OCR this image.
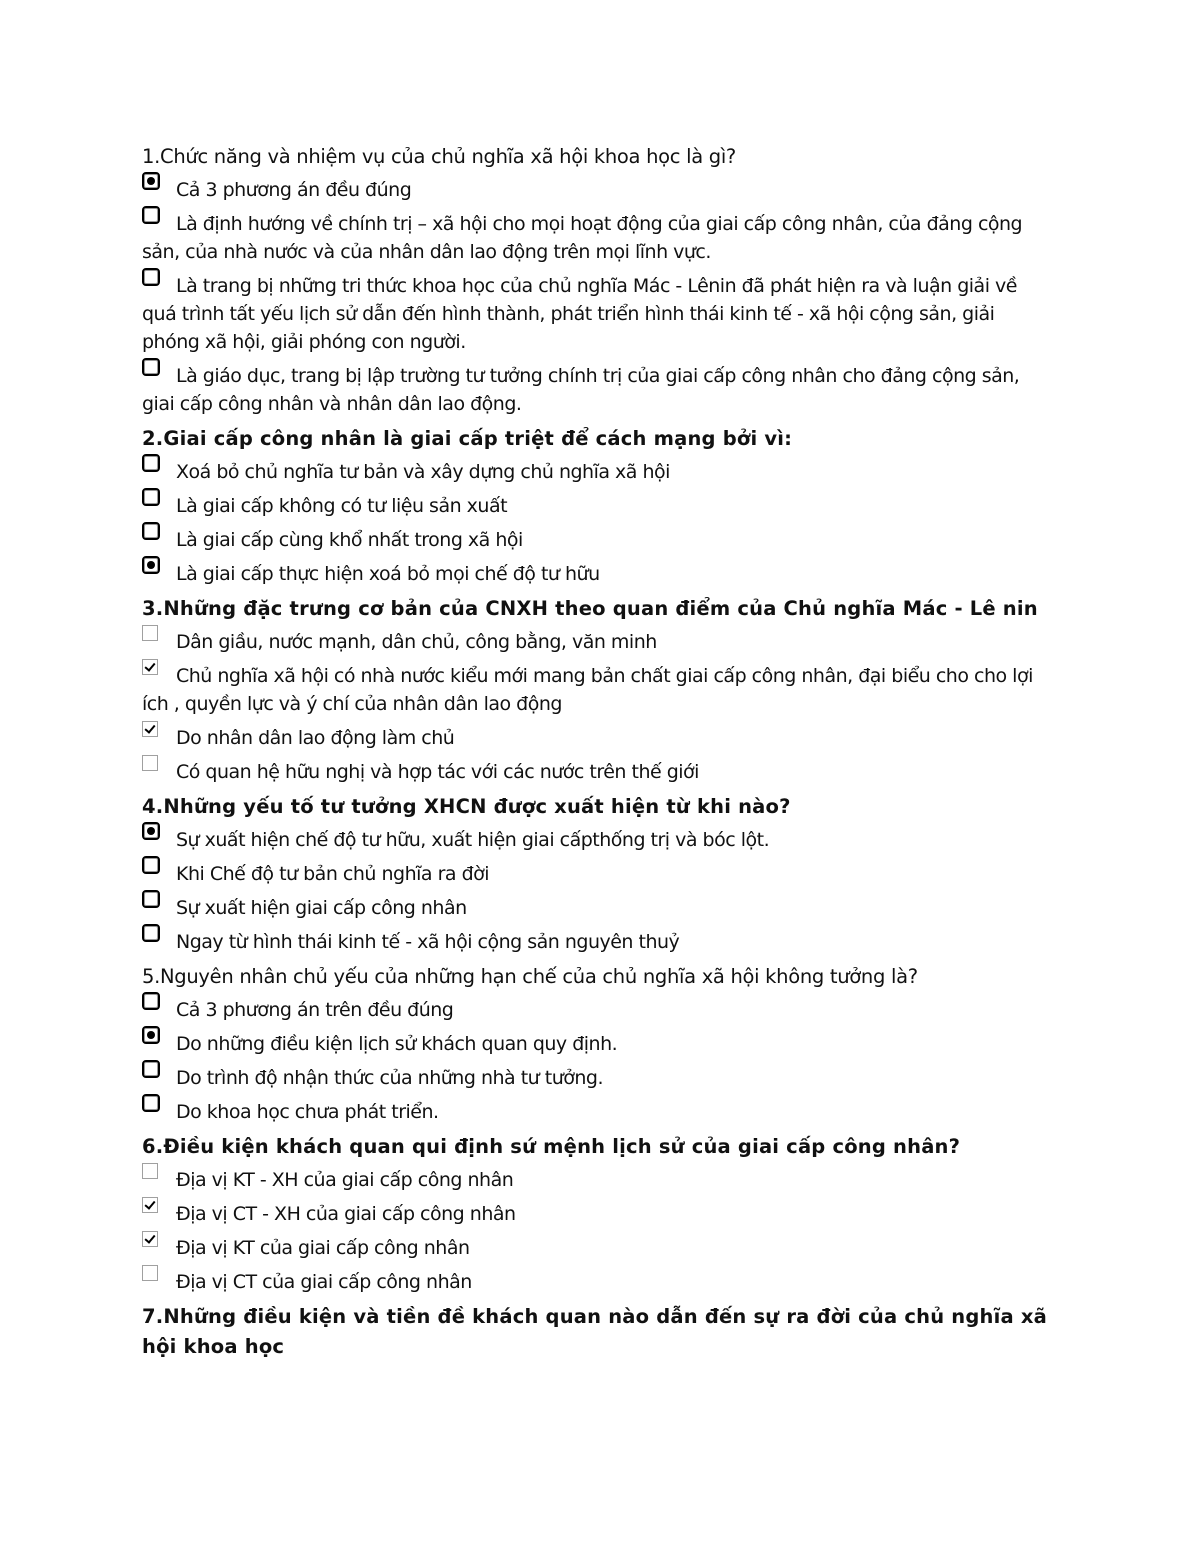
1.Chức năng và nhiệm vụ của chủ nghĩa xã hội khoa học là gì?
Cả 3 phương án đều đúng
Là định hướng về chính trị – xã hội cho mọi hoạt động của giai cấp công nhân, của đảng cộng sản, của nhà nước và của nhân dân lao động trên mọi lĩnh vực.
Là trang bị những tri thức khoa học của chủ nghĩa Mác - Lênin đã phát hiện ra và luận giải về quá trình tất yếu lịch sử dẫn đến hình thành, phát triển hình thái kinh tế - xã hội cộng sản, giải phóng xã hội, giải phóng con người.
Là giáo dục, trang bị lập trường tư tưởng chính trị của giai cấp công nhân cho đảng cộng sản, giai cấp công nhân và nhân dân lao động.
2.Giai cấp công nhân là giai cấp triệt để cách mạng bởi vì:
Xoá bỏ chủ nghĩa tư bản và xây dựng chủ nghĩa xã hội
Là giai cấp không có tư liệu sản xuất
Là giai cấp cùng khổ nhất trong xã hội
Là giai cấp thực hiện xoá bỏ mọi chế độ tư hữu
3.Những đặc trưng cơ bản của CNXH theo quan điểm của Chủ nghĩa Mác - Lê nin
Dân giầu, nước mạnh, dân chủ, công bằng, văn minh
Chủ nghĩa xã hội có nhà nước kiểu mới mang bản chất giai cấp công nhân, đại biểu cho cho lợi ích , quyền lực và ý chí của nhân dân lao động
Do nhân dân lao động làm chủ
Có quan hệ hữu nghị và hợp tác với các nước trên thế giới
4.Những yếu tố tư tưởng XHCN được xuất hiện từ khi nào?
Sự xuất hiện chế độ tư hữu, xuất hiện giai cấpthống trị và bóc lột.
Khi Chế độ tư bản chủ nghĩa ra đời
Sự xuất hiện giai cấp công nhân
Ngay từ hình thái kinh tế - xã hội cộng sản nguyên thuỷ
5.Nguyên nhân chủ yếu của những hạn chế của chủ nghĩa xã hội không tưởng là?
Cả 3 phương án trên đều đúng
Do những điều kiện lịch sử khách quan quy định.
Do trình độ nhận thức của những nhà tư tưởng.
Do khoa học chưa phát triển.
6.Điều kiện khách quan qui định sứ mệnh lịch sử của giai cấp công nhân?
Địa vị KT - XH của giai cấp công nhân
Địa vị CT - XH của giai cấp công nhân
Địa vị KT của giai cấp công nhân
Địa vị CT của giai cấp công nhân
7.Những điều kiện và tiền đề khách quan nào dẫn đến sự ra đời của chủ nghĩa xã hội khoa học
